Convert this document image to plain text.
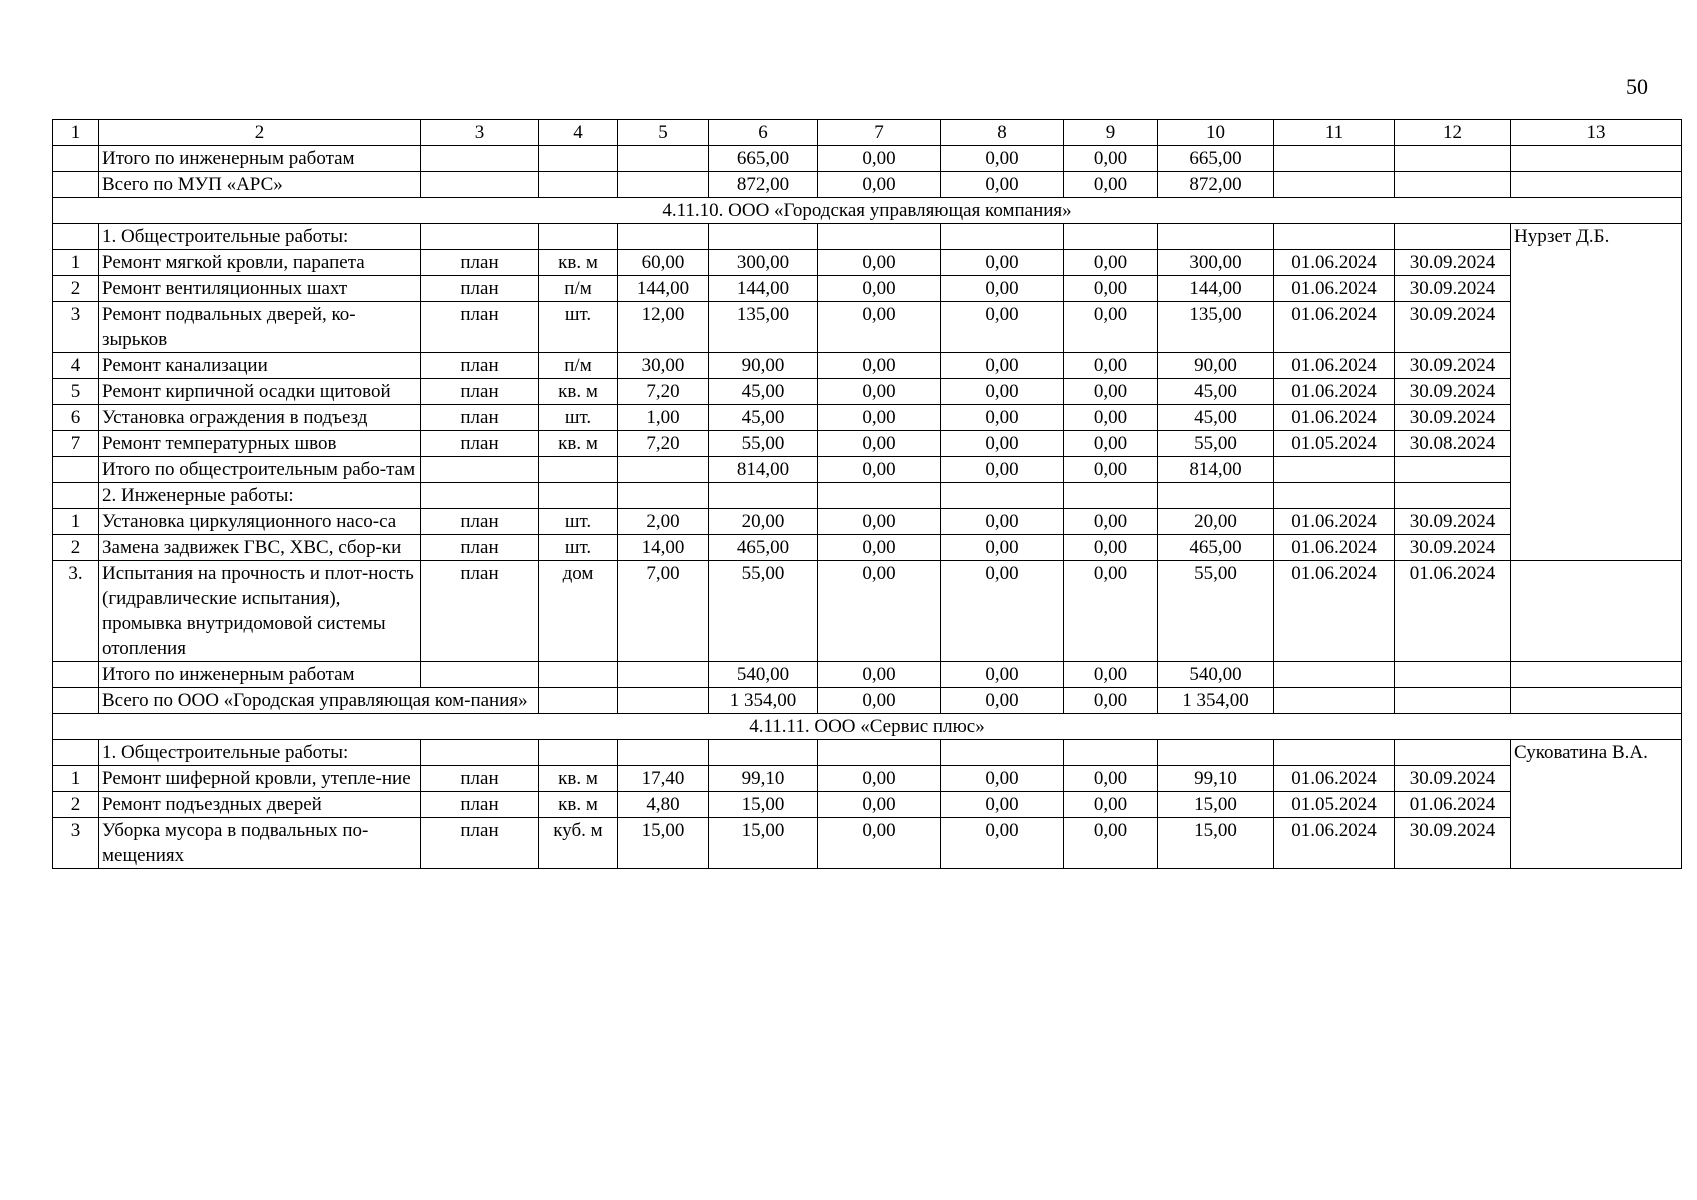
50
1	2	3	4	5	6	7	8	9	10	11	12	13
	Итого по инженерным работам				665,00	0,00	0,00	0,00	665,00			
	Всего по МУП «АРС»				872,00	0,00	0,00	0,00	872,00			
4.11.10. ООО «Городская управляющая компания»												
	1. Общестроительные работы:											Нурзет Д.Б.
1	Ремонт мягкой кровли, парапета	план	кв. м	60,00	300,00	0,00	0,00	0,00	300,00	01.06.2024	30.09.2024	
2	Ремонт вентиляционных шахт	план	п/м	144,00	144,00	0,00	0,00	0,00	144,00	01.06.2024	30.09.2024	
3	Ремонт подвальных дверей, ко-зырьков	план	шт.	12,00	135,00	0,00	0,00	0,00	135,00	01.06.2024	30.09.2024	
4	Ремонт канализации	план	п/м	30,00	90,00	0,00	0,00	0,00	90,00	01.06.2024	30.09.2024	
5	Ремонт кирпичной осадки щитовой	план	кв. м	7,20	45,00	0,00	0,00	0,00	45,00	01.06.2024	30.09.2024	
6	Установка ограждения в подъезд	план	шт.	1,00	45,00	0,00	0,00	0,00	45,00	01.06.2024	30.09.2024	
7	Ремонт температурных швов	план	кв. м	7,20	55,00	0,00	0,00	0,00	55,00	01.05.2024	30.08.2024	
	Итого по общестроительным рабо-там				814,00	0,00	0,00	0,00	814,00			
	2. Инженерные работы:											
1	Установка циркуляционного насо-са	план	шт.	2,00	20,00	0,00	0,00	0,00	20,00	01.06.2024	30.09.2024	
2	Замена задвижек ГВС, ХВС, сбор-ки	план	шт.	14,00	465,00	0,00	0,00	0,00	465,00	01.06.2024	30.09.2024	
3.	Испытания на прочность и плот-ность (гидравлические испытания), промывка внутридомовой системы отопления	план	дом	7,00	55,00	0,00	0,00	0,00	55,00	01.06.2024	01.06.2024	
	Итого по инженерным работам				540,00	0,00	0,00	0,00	540,00			
	Всего по ООО «Городская управляющая ком-пания»				1 354,00	0,00	0,00	0,00	1 354,00			
4.11.11. ООО «Сервис плюс»												
	1. Общестроительные работы:											Суковатина В.А.
1	Ремонт шиферной кровли, утепле-ние	план	кв. м	17,40	99,10	0,00	0,00	0,00	99,10	01.06.2024	30.09.2024	
2	Ремонт подъездных дверей	план	кв. м	4,80	15,00	0,00	0,00	0,00	15,00	01.05.2024	01.06.2024	
3	Уборка мусора в подвальных по-мещениях	план	куб. м	15,00	15,00	0,00	0,00	0,00	15,00	01.06.2024	30.09.2024	
